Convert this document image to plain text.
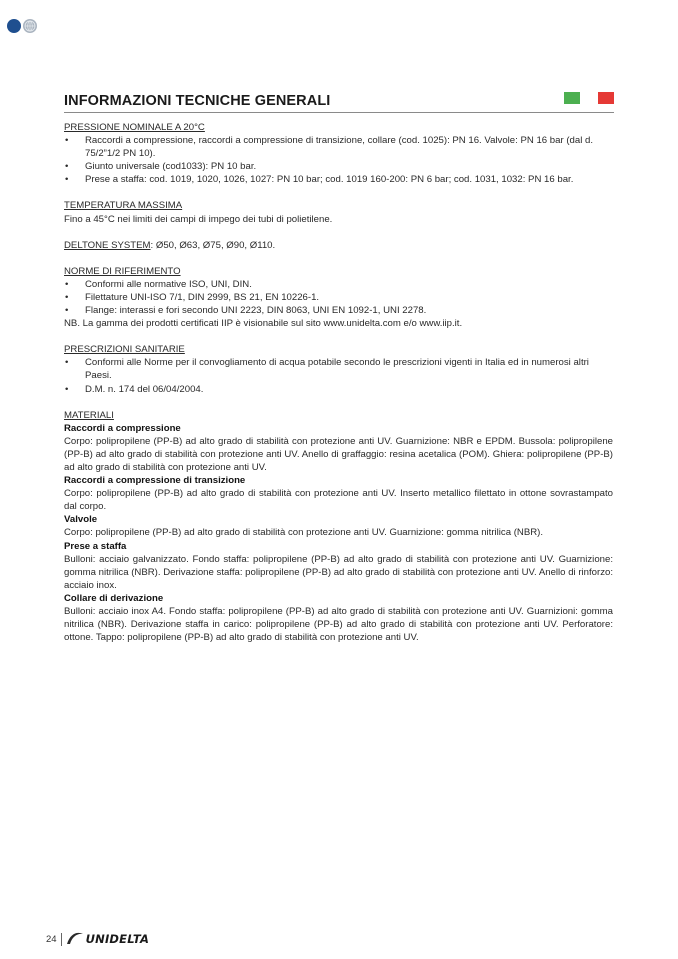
INFORMAZIONI TECNICHE GENERALI
PRESSIONE NOMINALE A 20°C
• Raccordi a compressione, raccordi a compressione di transizione, collare (cod. 1025): PN 16. Valvole: PN 16 bar (dal d. 75/2”1/2 PN 10).
• Giunto universale (cod1033): PN 10 bar.
• Prese a staffa: cod. 1019, 1020, 1026, 1027: PN 10 bar; cod. 1019 160-200: PN 6 bar; cod. 1031, 1032: PN 16 bar.
TEMPERATURA MASSIMA
Fino a 45°C nei limiti dei campi di impego dei tubi di polietilene.
DELTONE SYSTEM: Ø50, Ø63, Ø75, Ø90, Ø110.
NORME DI RIFERIMENTO
• Conformi alle normative ISO, UNI, DIN.
• Filettature UNI-ISO 7/1, DIN 2999, BS 21, EN 10226-1.
• Flange: interassi e fori secondo UNI 2223, DIN 8063, UNI EN 1092-1, UNI 2278.
NB. La gamma dei prodotti certificati IIP è visionabile sul sito www.unidelta.com e/o www.iip.it.
PRESCRIZIONI SANITARIE
• Conformi alle Norme per il convogliamento di acqua potabile secondo le prescrizioni vigenti in Italia ed in numerosi altri Paesi.
• D.M. n. 174 del 06/04/2004.
MATERIALI
Raccordi a compressione
Corpo: polipropilene (PP-B) ad alto grado di stabilità con protezione anti UV. Guarnizione: NBR e EPDM. Bussola: polipropilene (PP-B) ad alto grado di stabilità con protezione anti UV. Anello di graffaggio: resina acetalica (POM). Ghiera: polipropilene (PP-B) ad alto grado di stabilità con protezione anti UV.
Raccordi a compressione di transizione
Corpo: polipropilene (PP-B) ad alto grado di stabilità con protezione anti UV. Inserto metallico filettato in ottone sovrastampato dal corpo.
Valvole
Corpo: polipropilene (PP-B) ad alto grado di stabilità con protezione anti UV. Guarnizione: gomma nitrilica (NBR).
Prese a staffa
Bulloni: acciaio galvanizzato. Fondo staffa: polipropilene (PP-B) ad alto grado di stabilità con protezione anti UV. Guarnizione: gomma nitrilica (NBR). Derivazione staffa: polipropilene (PP-B) ad alto grado di stabilità con protezione anti UV. Anello di rinforzo: acciaio inox.
Collare di derivazione
Bulloni: acciaio inox A4. Fondo staffa: polipropilene (PP-B) ad alto grado di stabilità con protezione anti UV. Guarnizioni: gomma nitrilica (NBR). Derivazione staffa in carico: polipropilene (PP-B) ad alto grado di stabilità con protezione anti UV. Perforatore: ottone. Tappo: polipropilene (PP-B) ad alto grado di stabilità con protezione anti UV.
24	UNIDELTA
